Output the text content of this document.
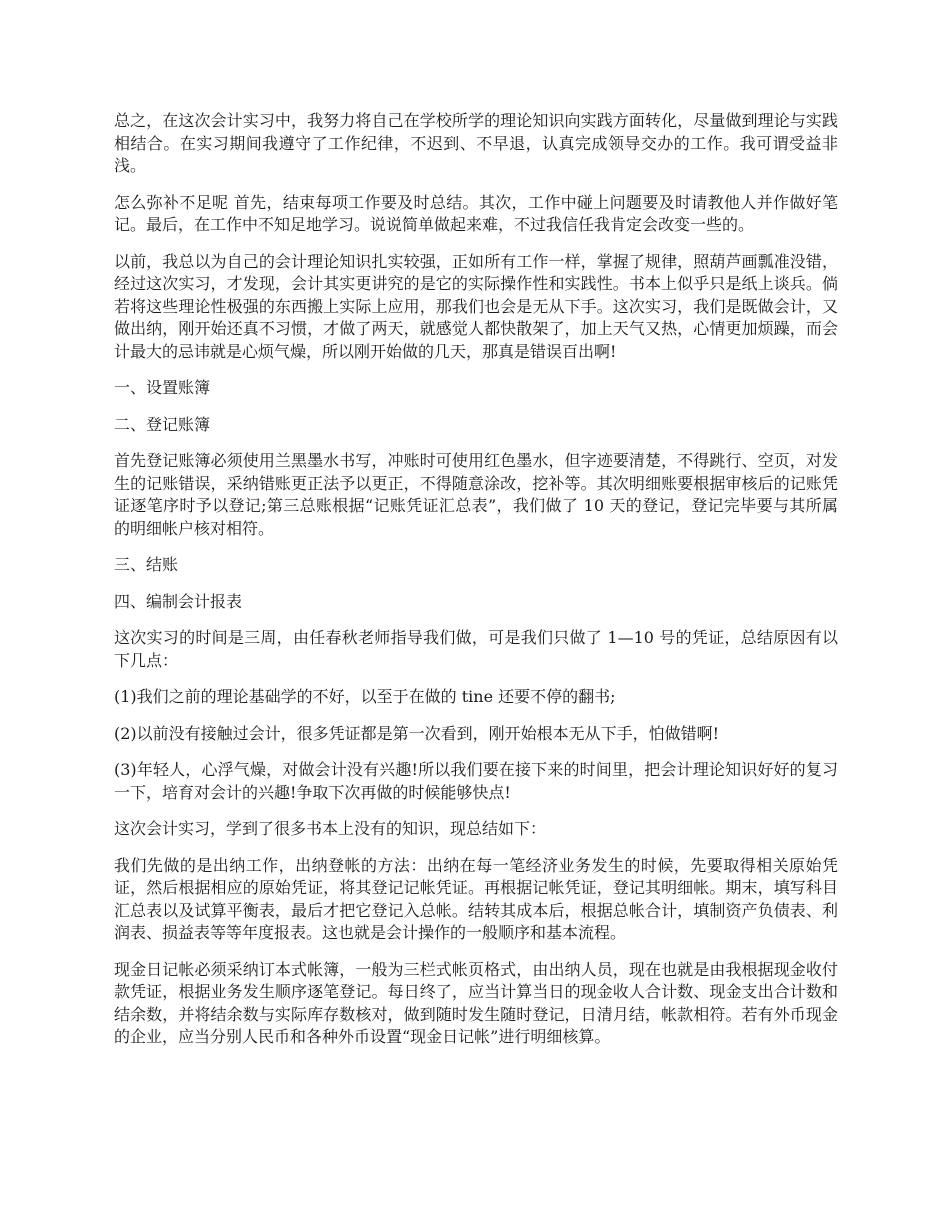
总之，在这次会计实习中，我努力将自己在学校所学的理论知识向实践方面转化，尽量做到理论与实践相结合。在实习期间我遵守了工作纪律，不迟到、不早退，认真完成领导交办的工作。我可谓受益非浅。

怎么弥补不足呢 首先，结束每项工作要及时总结。其次，工作中碰上问题要及时请教他人并作做好笔记。最后，在工作中不知足地学习。说说简单做起来难，不过我信任我肯定会改变一些的。

以前，我总以为自己的会计理论知识扎实较强，正如所有工作一样，掌握了规律，照葫芦画瓢准没错，经过这次实习，才发现，会计其实更讲究的是它的实际操作性和实践性。书本上似乎只是纸上谈兵。倘若将这些理论性极强的东西搬上实际上应用，那我们也会是无从下手。这次实习，我们是既做会计，又做出纳，刚开始还真不习惯，才做了两天，就感觉人都快散架了，加上天气又热，心情更加烦躁，而会计最大的忌讳就是心烦气燥，所以刚开始做的几天，那真是错误百出啊!

一、设置账簿

二、登记账簿

首先登记账簿必须使用兰黑墨水书写，冲账时可使用红色墨水，但字迹要清楚，不得跳行、空页，对发生的记账错误，采纳错账更正法予以更正，不得随意涂改，挖补等。其次明细账要根据审核后的记账凭证逐笔序时予以登记;第三总账根据“记账凭证汇总表”，我们做了 10 天的登记，登记完毕要与其所属的明细帐户核对相符。

三、结账

四、编制会计报表

这次实习的时间是三周，由任春秋老师指导我们做，可是我们只做了 1—10 号的凭证，总结原因有以下几点：

(1)我们之前的理论基础学的不好，以至于在做的 tine 还要不停的翻书;

(2)以前没有接触过会计，很多凭证都是第一次看到，刚开始根本无从下手，怕做错啊!

(3)年轻人，心浮气燥，对做会计没有兴趣!所以我们要在接下来的时间里，把会计理论知识好好的复习一下，培育对会计的兴趣!争取下次再做的时候能够快点!

这次会计实习，学到了很多书本上没有的知识，现总结如下：

我们先做的是出纳工作，出纳登帐的方法：出纳在每一笔经济业务发生的时候，先要取得相关原始凭证，然后根据相应的原始凭证，将其登记记帐凭证。再根据记帐凭证，登记其明细帐。期末，填写科目汇总表以及试算平衡表，最后才把它登记入总帐。结转其成本后，根据总帐合计，填制资产负债表、利润表、损益表等等年度报表。这也就是会计操作的一般顺序和基本流程。

现金日记帐必须采纳订本式帐簿，一般为三栏式帐页格式，由出纳人员，现在也就是由我根据现金收付款凭证，根据业务发生顺序逐笔登记。每日终了，应当计算当日的现金收人合计数、现金支出合计数和结余数，并将结余数与实际库存数核对，做到随时发生随时登记，日清月结，帐款相符。若有外币现金的企业，应当分别人民币和各种外币设置“现金日记帐”进行明细核算。
